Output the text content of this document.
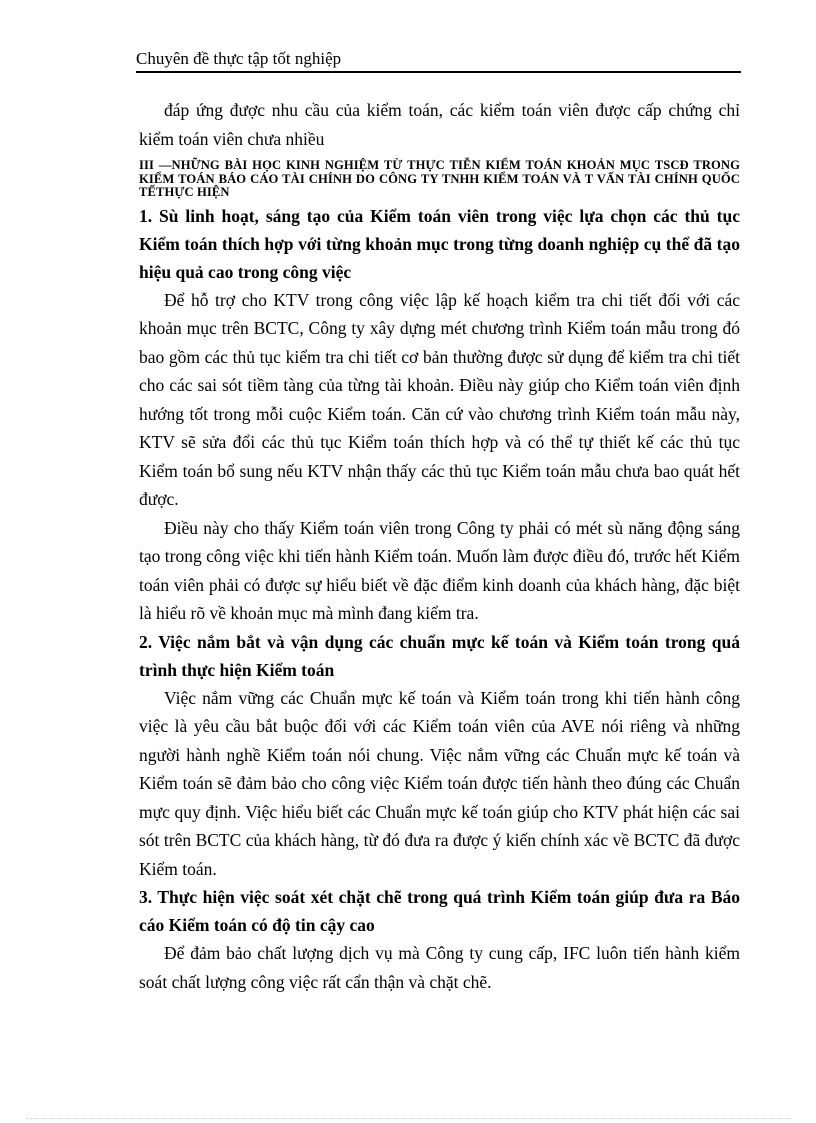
Chuyên đề thực tập tốt nghiệp

đáp ứng được nhu cầu của kiểm toán, các kiểm toán viên được cấp chứng chỉ kiểm toán viên chưa nhiều

III —NHỮNG BÀI HỌC KINH NGHIỆM TỪ THỰC TIỄN KIỂM TOÁN KHOẢN MỤC TSCĐ TRONG KIỂM TOÁN BÁO CÁO TÀI CHÍNH DO CÔNG TY TNHH KIỂM TOÁN VÀ T VẤN TÀI CHÍNH QUỐC TẾTHỰC HIỆN

1. Sù linh hoạt, sáng tạo của Kiểm toán viên trong việc lựa chọn các thủ tục Kiểm toán thích hợp với từng khoản mục trong từng doanh nghiệp cụ thể đã tạo hiệu quả cao trong công việc

Để hỗ trợ cho KTV trong công việc lập kế hoạch kiểm tra chi tiết đối với các khoản mục trên BCTC, Công ty xây dựng mét chương trình Kiểm toán mẫu trong đó bao gồm các thủ tục kiểm tra chi tiết cơ bản thường được sử dụng để kiểm tra chi tiết cho các sai sót tiềm tàng của từng tài khoản. Điều này giúp cho Kiểm toán viên định hướng tốt trong mỗi cuộc Kiểm toán. Căn cứ vào chương trình Kiểm toán mẫu này, KTV sẽ sửa đổi các thủ tục Kiểm toán thích hợp và có thể tự thiết kế các thủ tục Kiểm toán bổ sung nếu KTV nhận thấy các thủ tục Kiểm toán mẫu chưa bao quát hết được.

Điều này cho thấy Kiểm toán viên trong Công ty phải có mét sù năng động sáng tạo trong công việc khi tiến hành Kiểm toán. Muốn làm được điều đó, trước hết Kiểm toán viên phải có được sự hiểu biết về đặc điểm kinh doanh của khách hàng, đặc biệt là hiểu rõ về khoản mục mà mình đang kiểm tra.

2. Việc nắm bắt và vận dụng các chuẩn mực kế toán và Kiểm toán trong quá trình thực hiện Kiểm toán

Việc nắm vững các Chuẩn mực kế toán và Kiểm toán trong khi tiến hành công việc là yêu cầu bắt buộc đối với các Kiểm toán viên của AVE nói riêng và những người hành nghề Kiểm toán nói chung. Việc nắm vững các Chuẩn mực kế toán và Kiểm toán sẽ đảm bảo cho công việc Kiểm toán được tiến hành theo đúng các Chuẩn mực quy định. Việc hiểu biết các Chuẩn mực kế toán giúp cho KTV phát hiện các sai sót trên BCTC của khách hàng, từ đó đưa ra được ý kiến chính xác về BCTC đã được Kiểm toán.

3. Thực hiện việc soát xét chặt chẽ trong quá trình Kiểm toán giúp đưa ra Báo cáo Kiểm toán có độ tin cậy cao

Để đảm bảo chất lượng dịch vụ mà Công ty cung cấp, IFC luôn tiến hành kiểm soát chất lượng công việc rất cẩn thận và chặt chẽ.
